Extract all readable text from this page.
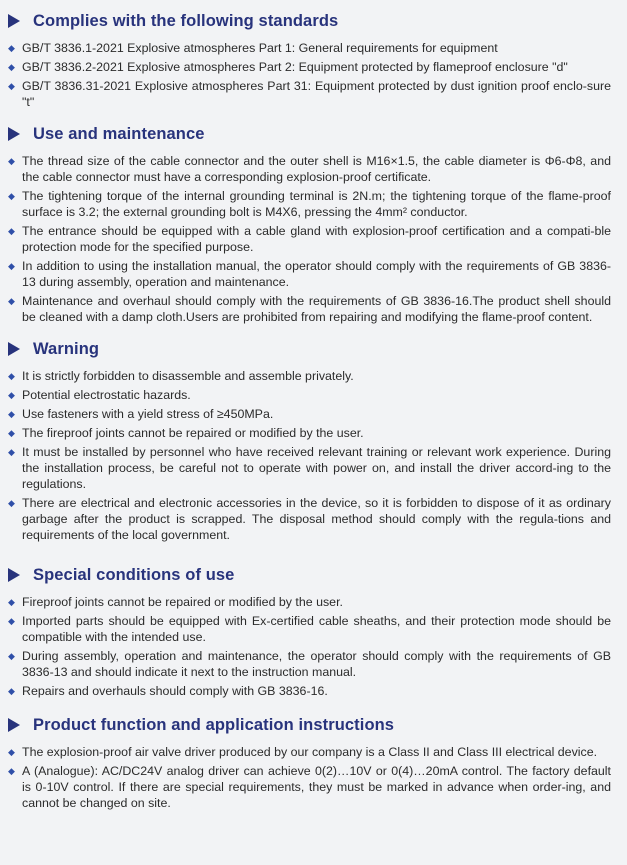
Complies with the following standards
◆ GB/T 3836.1-2021 Explosive atmospheres Part 1: General requirements for equipment
◆ GB/T 3836.2-2021 Explosive atmospheres Part 2: Equipment protected by flameproof enclosure "d"
◆ GB/T 3836.31-2021 Explosive atmospheres Part 31: Equipment protected by dust ignition proof enclo-sure "t"
Use and maintenance
◆ The thread size of the cable connector and the outer shell is M16×1.5, the cable diameter is Φ6-Φ8, and the cable connector must have a corresponding explosion-proof certificate.
◆ The tightening torque of the internal grounding terminal is 2N.m; the tightening torque of the flame-proof surface is 3.2; the external grounding bolt is M4X6, pressing the 4mm² conductor.
◆ The entrance should be equipped with a cable gland with explosion-proof certification and a compati-ble protection mode for the specified purpose.
◆ In addition to using the installation manual, the operator should comply with the requirements of GB 3836-13 during assembly, operation and maintenance.
◆ Maintenance and overhaul should comply with the requirements of GB 3836-16.The product shell should be cleaned with a damp cloth.Users are prohibited from repairing and modifying the flame-proof content.
Warning
◆ It is strictly forbidden to disassemble and assemble privately.
◆ Potential electrostatic hazards.
◆ Use fasteners with a yield stress of ≥450MPa.
◆ The fireproof joints cannot be repaired or modified by the user.
◆ It must be installed by personnel who have received relevant training or relevant work experience. During the installation process, be careful not to operate with power on, and install the driver accord-ing to the regulations.
◆ There are electrical and electronic accessories in the device, so it is forbidden to dispose of it as ordinary garbage after the product is scrapped. The disposal method should comply with the regula-tions and requirements of the local government.
Special conditions of use
◆ Fireproof joints cannot be repaired or modified by the user.
◆ Imported parts should be equipped with Ex-certified cable sheaths, and their protection mode should be compatible with the intended use.
◆ During assembly, operation and maintenance, the operator should comply with the requirements of GB 3836-13 and should indicate it next to the instruction manual.
◆ Repairs and overhauls should comply with GB 3836-16.
Product function and application instructions
◆ The explosion-proof air valve driver produced by our company is a Class II and Class III electrical device.
◆ A (Analogue): AC/DC24V analog driver can achieve 0(2)…10V or 0(4)…20mA control. The factory default is 0-10V control. If there are special requirements, they must be marked in advance when order-ing, and cannot be changed on site.
